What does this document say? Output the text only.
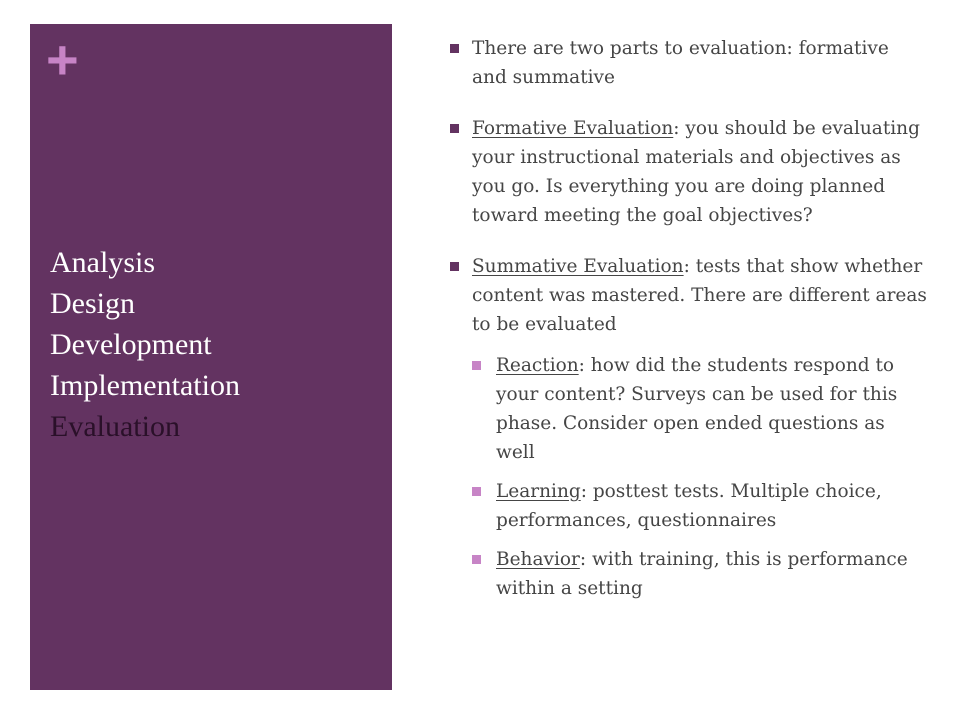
+
Analysis
Design
Development
Implementation
Evaluation
There are two parts to evaluation: formative and summative
Formative Evaluation: you should be evaluating your instructional materials and objectives as you go. Is everything you are doing planned toward meeting the goal objectives?
Summative Evaluation: tests that show whether content was mastered. There are different areas to be evaluated
Reaction: how did the students respond to your content? Surveys can be used for this phase. Consider open ended questions as well
Learning: posttest tests. Multiple choice, performances, questionnaires
Behavior: with training, this is performance within a setting
